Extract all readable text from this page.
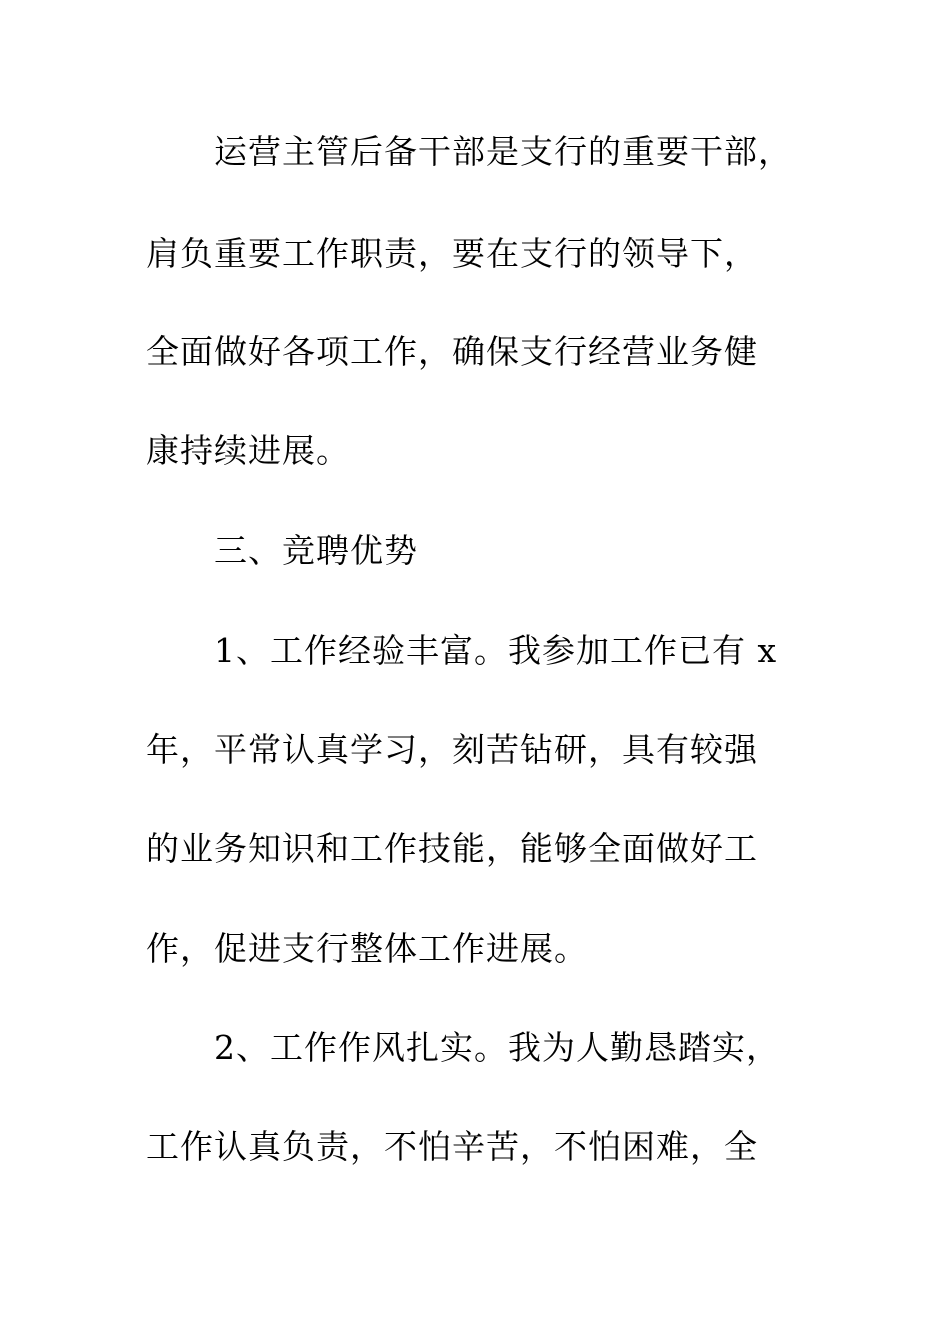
运营主管后备干部是支行的重要干部，
肩负重要工作职责，要在支行的领导下，
全面做好各项工作，确保支行经营业务健
康持续进展。
三、竞聘优势
1、工作经验丰富。我参加工作已有 x
年，平常认真学习，刻苦钻研，具有较强
的业务知识和工作技能，能够全面做好工
作，促进支行整体工作进展。
2、工作作风扎实。我为人勤恳踏实，
工作认真负责，不怕辛苦，不怕困难，全
